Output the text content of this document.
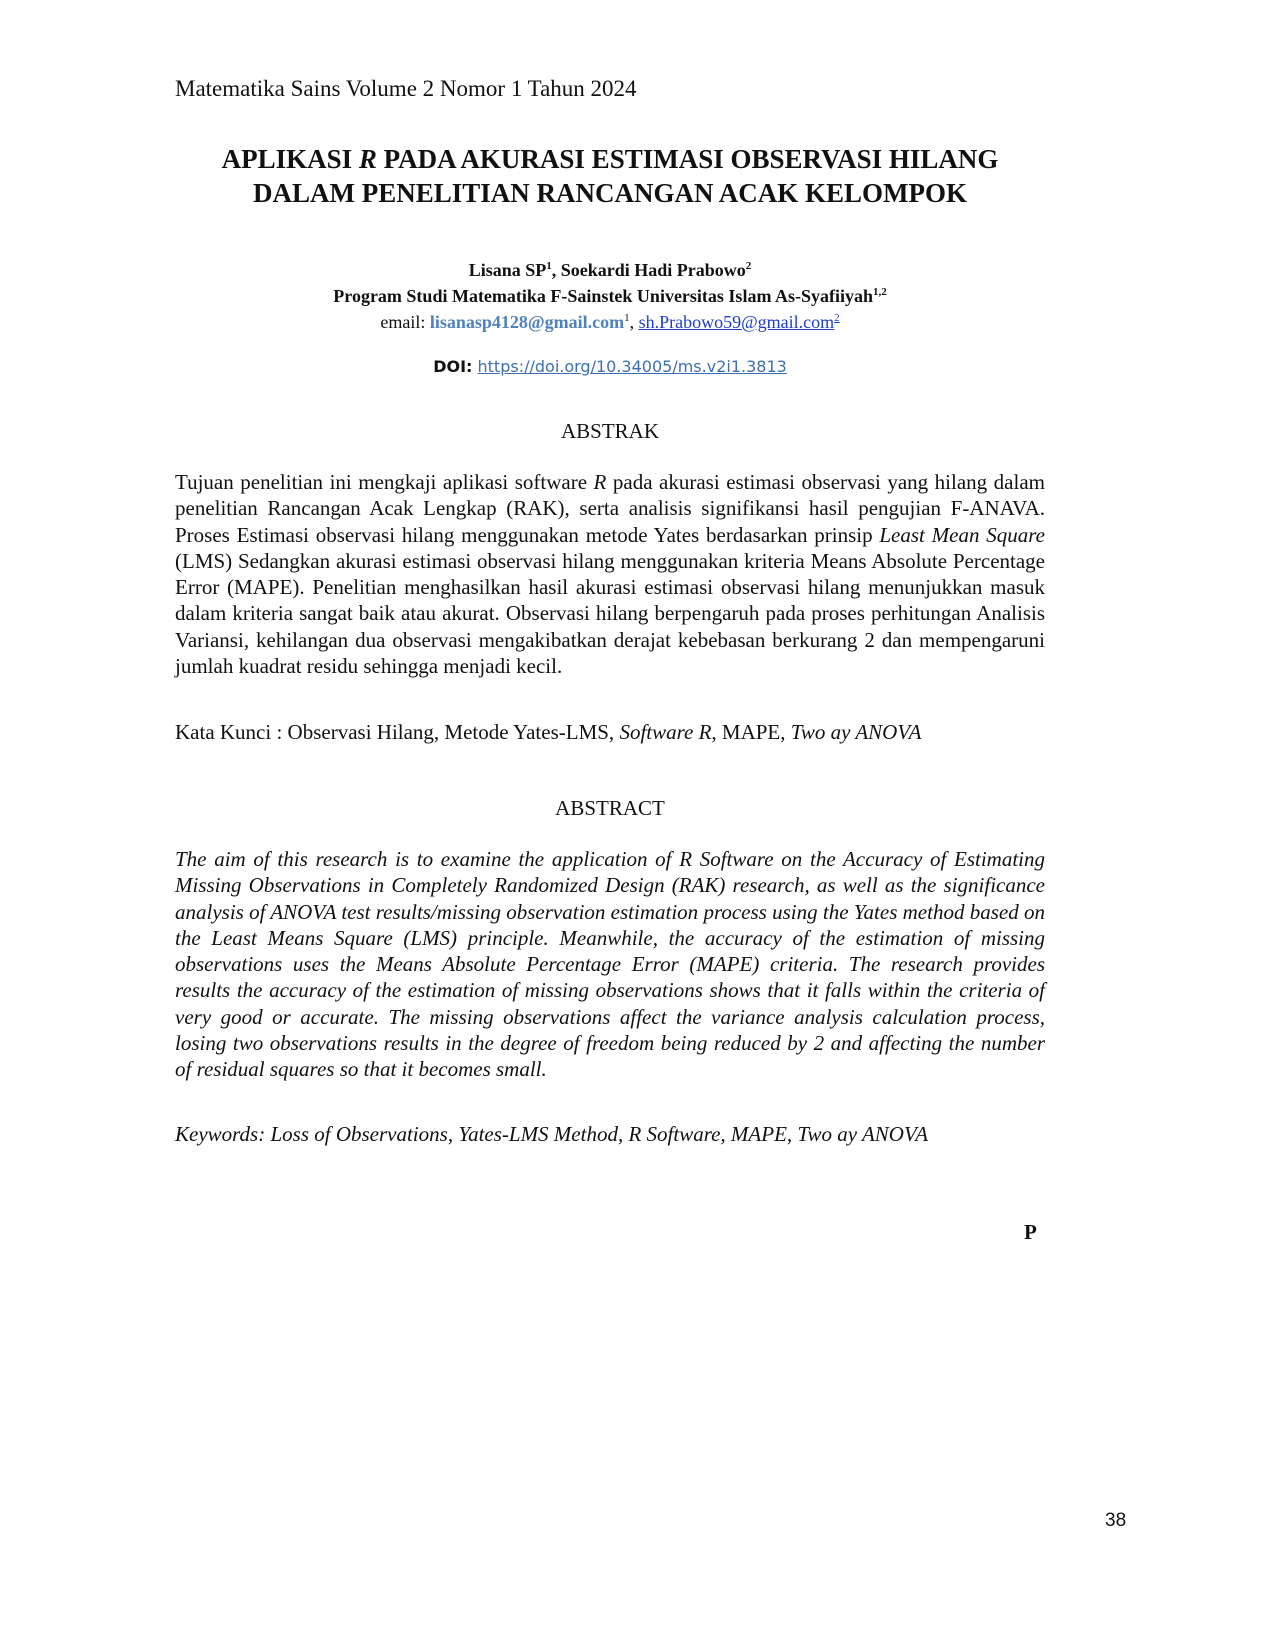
Matematika Sains Volume 2 Nomor 1 Tahun 2024
APLIKASI R PADA AKURASI ESTIMASI OBSERVASI HILANG
DALAM PENELITIAN RANCANGAN ACAK KELOMPOK
Lisana $SP^1$, Soekardi Hadi Prabowo$^2$
Program Studi Matematika F-Sainstek Universitas Islam As-Syafiiyah$^{1,2}$
email: lisanasp4128@gmail.com$^1$, sh.Prabowo59@gmail.com$^2$
DOI: https://doi.org/10.34005/ms.v2i1.3813
ABSTRAK
Tujuan penelitian ini mengkaji aplikasi software R pada akurasi estimasi observasi yang hilang dalam penelitian Rancangan Acak Lengkap (RAK), serta analisis signifikansi hasil pengujian F-ANAVA. Proses Estimasi observasi hilang menggunakan metode Yates berdasarkan prinsip Least Mean Square (LMS) Sedangkan akurasi estimasi observasi hilang menggunakan kriteria Means Absolute Percentage Error (MAPE). Penelitian menghasilkan hasil akurasi estimasi observasi hilang menunjukkan masuk dalam kriteria sangat baik atau akurat. Observasi hilang berpengaruh pada proses perhitungan Analisis Variansi, kehilangan dua observasi mengakibatkan derajat kebebasan berkurang 2 dan mempengaruni jumlah kuadrat residu sehingga menjadi kecil.
Kata Kunci : Observasi Hilang, Metode Yates-LMS, Software R, MAPE, Two ay ANOVA
ABSTRACT
The aim of this research is to examine the application of R Software on the Accuracy of Estimating Missing Observations in Completely Randomized Design (RAK) research, as well as the significance analysis of ANOVA test results/missing observation estimation process using the Yates method based on the Least Means Square (LMS) principle. Meanwhile, the accuracy of the estimation of missing observations uses the Means Absolute Percentage Error (MAPE) criteria. The research provides results the accuracy of the estimation of missing observations shows that it falls within the criteria of very good or accurate. The missing observations affect the variance analysis calculation process, losing two observations results in the degree of freedom being reduced by 2 and affecting the number of residual squares so that it becomes small.
Keywords: Loss of Observations, Yates-LMS Method, R Software, MAPE, Two ay ANOVA
P
38
